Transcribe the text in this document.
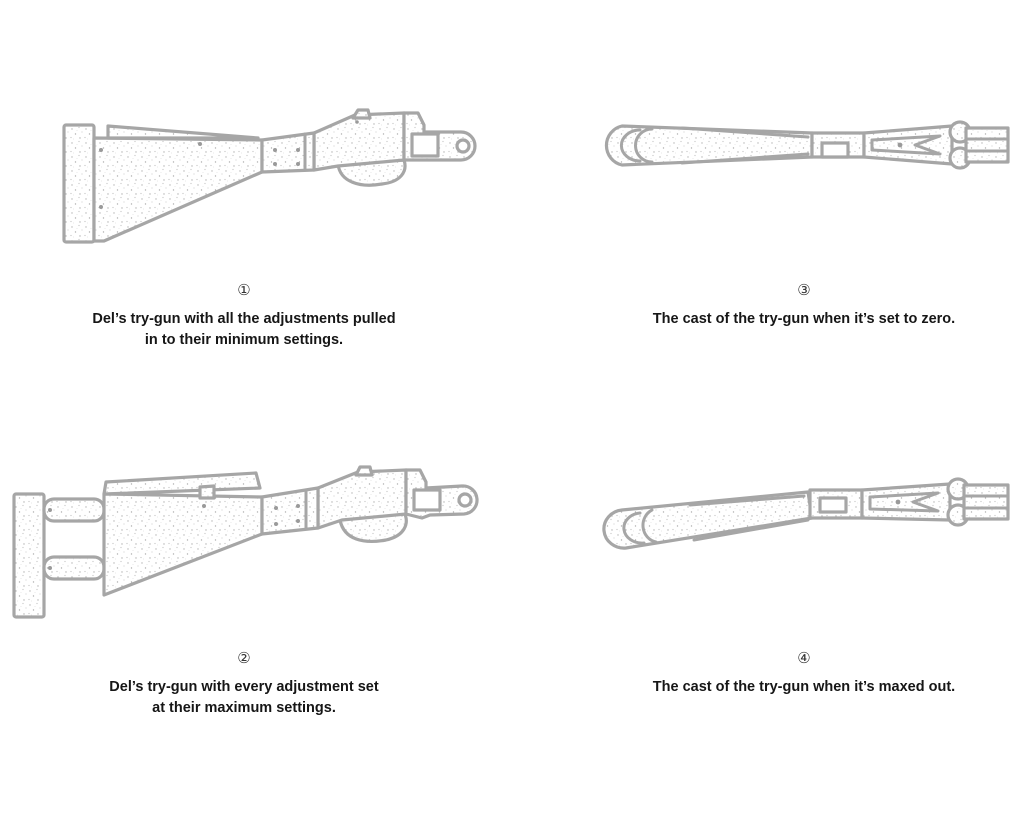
①
Del’s try-gun with all the adjustments pulled
in to their minimum settings.
②
Del’s try-gun with every adjustment set
at their maximum settings.
③
The cast of the try-gun when it’s set to zero.
④
The cast of the try-gun when it’s maxed out.
